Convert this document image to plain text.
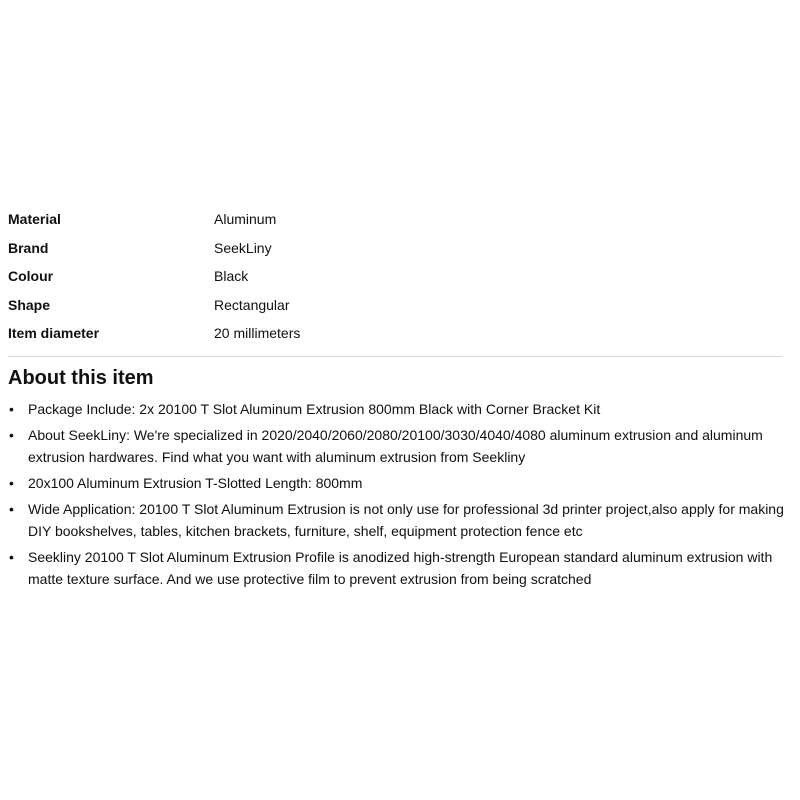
Material	Aluminum
Brand	SeekLiny
Colour	Black
Shape	Rectangular
Item diameter	20 millimeters
About this item
• Package Include: 2x 20100 T Slot Aluminum Extrusion 800mm Black with Corner Bracket Kit
• About SeekLiny: We're specialized in 2020/2040/2060/2080/20100/3030/4040/4080 aluminum extrusion and aluminum extrusion hardwares. Find what you want with aluminum extrusion from Seekliny
• 20x100 Aluminum Extrusion T-Slotted Length: 800mm
• Wide Application: 20100 T Slot Aluminum Extrusion is not only use for professional 3d printer project,also apply for making DIY bookshelves, tables, kitchen brackets, furniture, shelf, equipment protection fence etc
• Seekliny 20100 T Slot Aluminum Extrusion Profile is anodized high-strength European standard aluminum extrusion with matte texture surface. And we use protective film to prevent extrusion from being scratched
